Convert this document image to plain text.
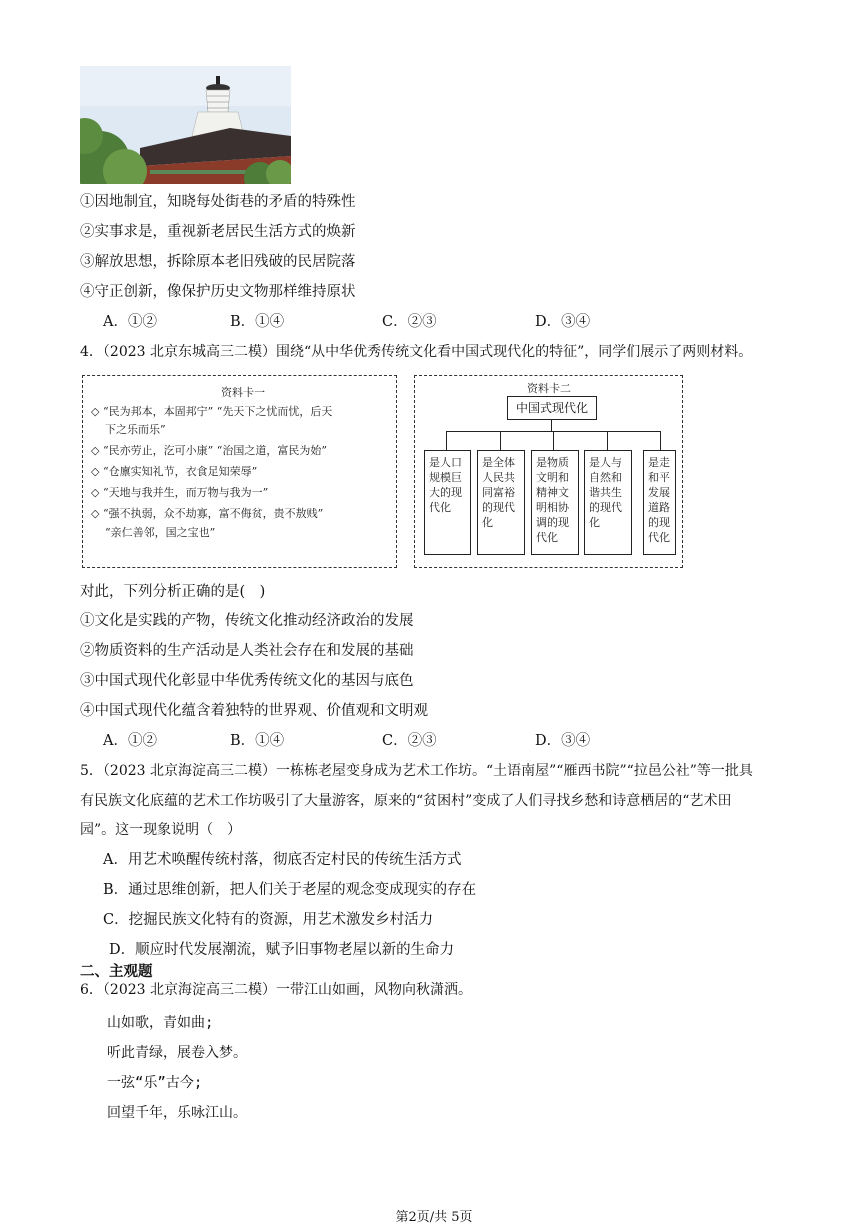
①因地制宜，知晓每处街巷的矛盾的特殊性
②实事求是，重视新老居民生活方式的焕新
③解放思想，拆除原本老旧残破的民居院落
④守正创新，像保护历史文物那样维持原状
A．①②	B．①④	C．②③	D．③④
4．（2023 北京东城高三二模）围绕“从中华优秀传统文化看中国式现代化的特征”，同学们展示了两则材料。
资料卡一
◇ “民为邦本，本固邦宁” “先天下之忧而忧，后天
下之乐而乐”
◇ “民亦劳止，汔可小康” “治国之道，富民为始”
◇ “仓廪实知礼节，衣食足知荣辱”
◇ “天地与我并生，而万物与我为一”
◇ “强不执弱，众不劫寡，富不侮贫，贵不敖贱”
“亲仁善邻，国之宝也”
资料卡二
中国式现代化
是人口规模巨大的现代化
是全体人民共同富裕的现代化
是物质文明和精神文明相协调的现代化
是人与自然和谐共生的现代化
是走和平发展道路的现代化
对此，下列分析正确的是(　)
①文化是实践的产物，传统文化推动经济政治的发展
②物质资料的生产活动是人类社会存在和发展的基础
③中国式现代化彰显中华优秀传统文化的基因与底色
④中国式现代化蕴含着独特的世界观、价值观和文明观
A．①②	B．①④	C．②③	D．③④
5．（2023 北京海淀高三二模）一栋栋老屋变身成为艺术工作坊。“土语南屋”“雁西书院”“拉邑公社”等一批具
有民族文化底蕴的艺术工作坊吸引了大量游客，原来的“贫困村”变成了人们寻找乡愁和诗意栖居的“艺术田
园”。这一现象说明（　）
A．用艺术唤醒传统村落，彻底否定村民的传统生活方式
B．通过思维创新，把人们关于老屋的观念变成现实的存在
C．挖掘民族文化特有的资源，用艺术激发乡村活力
D．顺应时代发展潮流，赋予旧事物老屋以新的生命力
二、主观题
6．（2023 北京海淀高三二模）一带江山如画，风物向秋潇洒。
山如歌，青如曲;
听此青绿，展卷入梦。
一弦“乐”古今;
回望千年，乐咏江山。
第2页/共 5页
